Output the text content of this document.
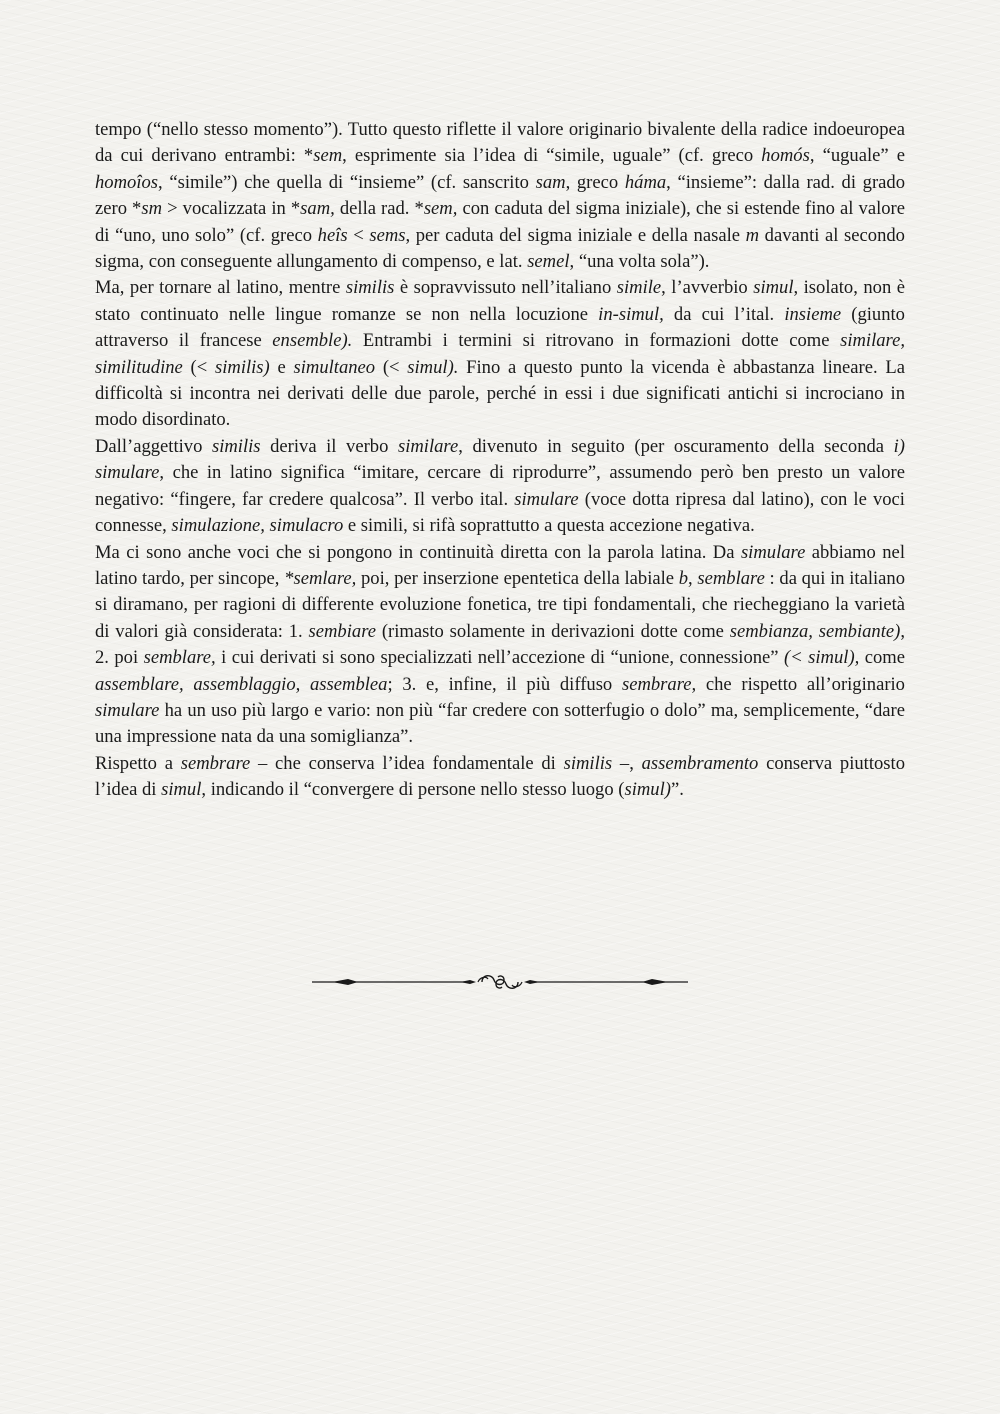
tempo (“nello stesso momento”). Tutto questo riflette il valore originario bivalente della radice indoeuropea da cui derivano entrambi: *sem, esprimente sia l’idea di “simile, uguale” (cf. greco homós, “uguale” e homoîos, “simile”) che quella di “insieme” (cf. sanscrito sam, greco háma, “insieme”: dalla rad. di grado zero *sm > vocalizzata in *sam, della rad. *sem, con caduta del sigma iniziale), che si estende fino al valore di “uno, uno solo” (cf. greco heîs < sems, per caduta del sigma iniziale e della nasale m davanti al secondo sigma, con conseguente allungamento di compenso, e lat. semel, “una volta sola”).

Ma, per tornare al latino, mentre similis è sopravvissuto nell’italiano simile, l’avverbio simul, isolato, non è stato continuato nelle lingue romanze se non nella locuzione in-simul, da cui l’ital. insieme (giunto attraverso il francese ensemble). Entrambi i termini si ritrovano in formazioni dotte come similare, similitudine (< similis) e simultaneo (< simul). Fino a questo punto la vicenda è abbastanza lineare. La difficoltà si incontra nei derivati delle due parole, perché in essi i due significati antichi si incrociano in modo disordinato.

Dall’aggettivo similis deriva il verbo similare, divenuto in seguito (per oscuramento della seconda i) simulare, che in latino significa “imitare, cercare di riprodurre”, assumendo però ben presto un valore negativo: “fingere, far credere qualcosa”. Il verbo ital. simulare (voce dotta ripresa dal latino), con le voci connesse, simulazione, simulacro e simili, si rifà soprattutto a questa accezione negativa.

Ma ci sono anche voci che si pongono in continuità diretta con la parola latina. Da simulare abbiamo nel latino tardo, per sincope, *semlare, poi, per inserzione epentetica della labiale b, semblare : da qui in italiano si diramano, per ragioni di differente evoluzione fonetica, tre tipi fondamentali, che riecheggiano la varietà di valori già considerata: 1. sembiare (rimasto solamente in derivazioni dotte come sembianza, sembiante), 2. poi semblare, i cui derivati si sono specializzati nell’accezione di “unione, connessione” (< simul), come assemblare, assemblaggio, assemblea; 3. e, infine, il più diffuso sembrare, che rispetto all’originario simulare ha un uso più largo e vario: non più “far credere con sotterfugio o dolo” ma, semplicemente, “dare una impressione nata da una somiglianza”.

Rispetto a sembrare – che conserva l’idea fondamentale di similis –, assembramento conserva piuttosto l’idea di simul, indicando il “convergere di persone nello stesso luogo (simul)”.
